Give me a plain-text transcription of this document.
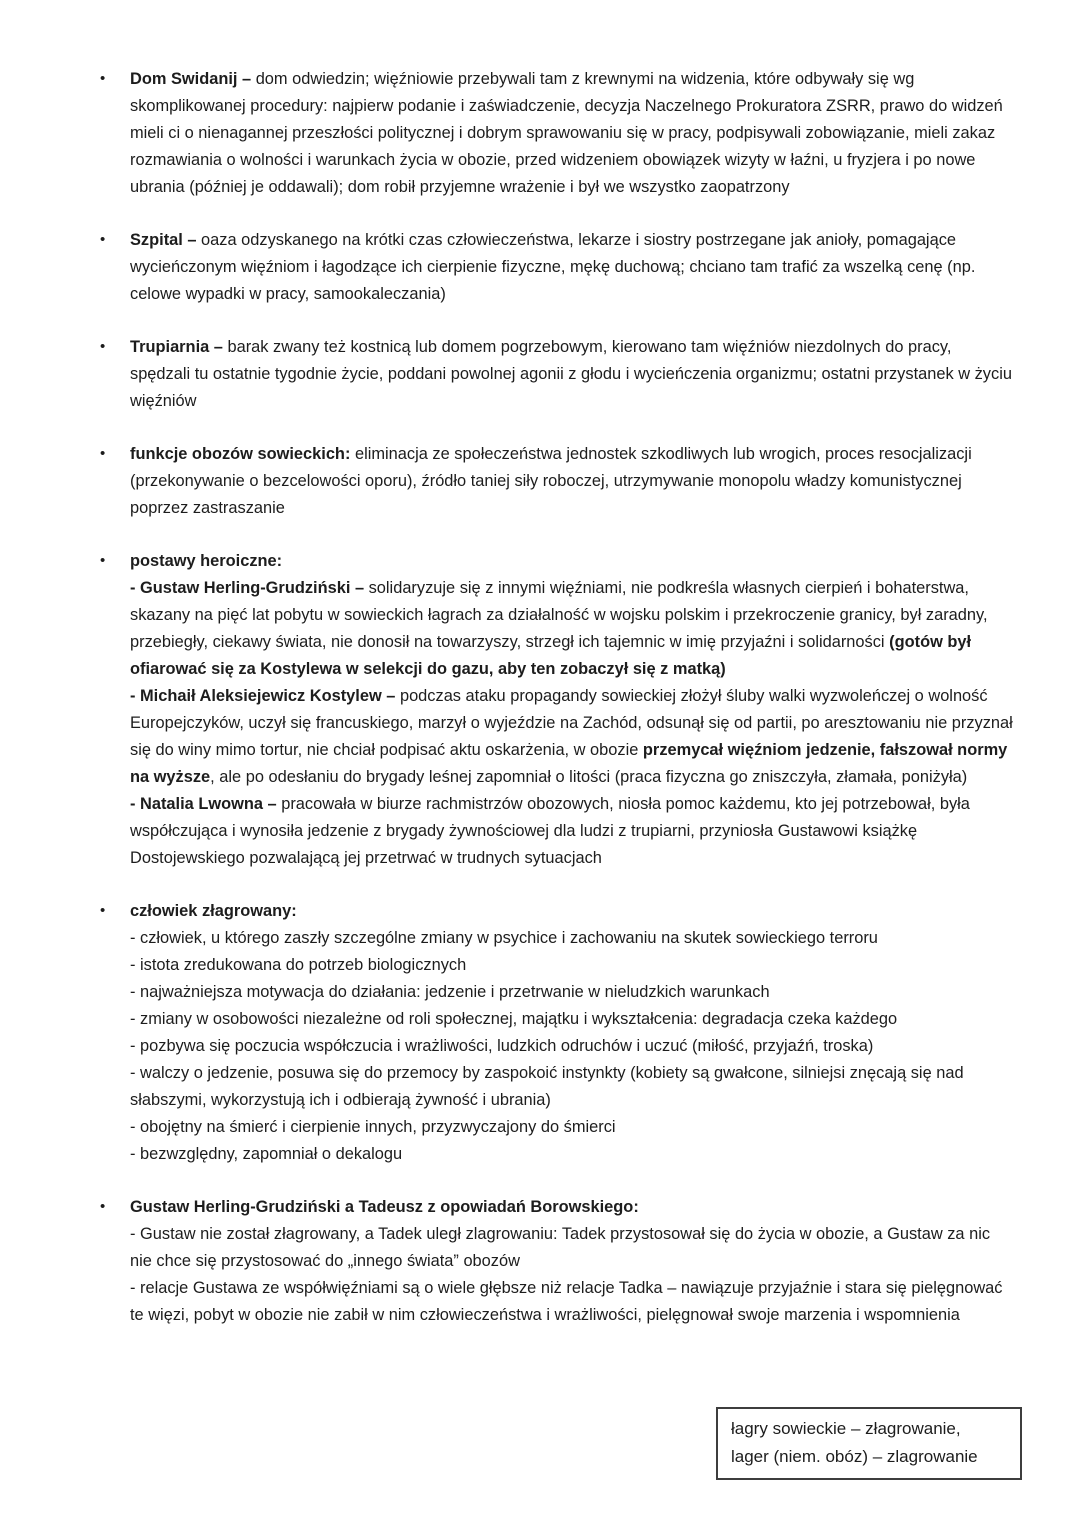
• Dom Swidanij – dom odwiedzin; więźniowie przebywali tam z krewnymi na widzenia, które odbywały się wg skomplikowanej procedury: najpierw podanie i zaświadczenie, decyzja Naczelnego Prokuratora ZSRR, prawo do widzeń mieli ci o nienagannej przeszłości politycznej i dobrym sprawowaniu się w pracy, podpisywali zobowiązanie, mieli zakaz rozmawiania o wolności i warunkach życia w obozie, przed widzeniem obowiązek wizyty w łaźni, u fryzjera i po nowe ubrania (później je oddawali); dom robił przyjemne wrażenie i był we wszystko zaopatrzony

• Szpital – oaza odzyskanego na krótki czas człowieczeństwa, lekarze i siostry postrzegane jak anioły, pomagające wycieńczonym więźniom i łagodzące ich cierpienie fizyczne, mękę duchową; chciano tam trafić za wszelką cenę (np. celowe wypadki w pracy, samookaleczania)

• Trupiarnia – barak zwany też kostnicą lub domem pogrzebowym, kierowano tam więźniów niezdolnych do pracy, spędzali tu ostatnie tygodnie życie, poddani powolnej agonii z głodu i wycieńczenia organizmu; ostatni przystanek w życiu więźniów

• funkcje obozów sowieckich: eliminacja ze społeczeństwa jednostek szkodliwych lub wrogich, proces resocjalizacji (przekonywanie o bezcelowości oporu), źródło taniej siły roboczej, utrzymywanie monopolu władzy komunistycznej poprzez zastraszanie

• postawy heroiczne:

- Gustaw Herling-Grudziński – solidaryzuje się z innymi więźniami, nie podkreśla własnych cierpień i bohaterstwa, skazany na pięć lat pobytu w sowieckich łagrach za działalność w wojsku polskim i przekroczenie granicy, był zaradny, przebiegły, ciekawy świata, nie donosił na towarzyszy, strzegł ich tajemnic w imię przyjaźni i solidarności (gotów był ofiarować się za Kostylewa w selekcji do gazu, aby ten zobaczył się z matką)

- Michaił Aleksiejewicz Kostylew – podczas ataku propagandy sowieckiej złożył śluby walki wyzwoleńczej o wolność Europejczyków, uczył się francuskiego, marzył o wyjeździe na Zachód, odsunął się od partii, po aresztowaniu nie przyznał się do winy mimo tortur, nie chciał podpisać aktu oskarżenia, w obozie przemycał więźniom jedzenie, fałszował normy na wyższe, ale po odesłaniu do brygady leśnej zapomniał o litości (praca fizyczna go zniszczyła, złamała, poniżyła)

- Natalia Lwowna – pracowała w biurze rachmistrzów obozowych, niosła pomoc każdemu, kto jej potrzebował, była współczująca i wynosiła jedzenie z brygady żywnościowej dla ludzi z trupiarni, przyniosła Gustawowi książkę Dostojewskiego pozwalającą jej przetrwać w trudnych sytuacjach

• człowiek złagrowany:

- człowiek, u którego zaszły szczególne zmiany w psychice i zachowaniu na skutek sowieckiego terroru

- istota zredukowana do potrzeb biologicznych

- najważniejsza motywacja do działania: jedzenie i przetrwanie w nieludzkich warunkach

- zmiany w osobowości niezależne od roli społecznej, majątku i wykształcenia: degradacja czeka każdego

- pozbywa się poczucia współczucia i wrażliwości, ludzkich odruchów i uczuć (miłość, przyjaźń, troska)

- walczy o jedzenie, posuwa się do przemocy by zaspokoić instynkty (kobiety są gwałcone, silniejsi znęcają się nad słabszymi, wykorzystują ich i odbierają żywność i ubrania)

- obojętny na śmierć i cierpienie innych, przyzwyczajony do śmierci

- bezwzględny, zapomniał o dekalogu

• Gustaw Herling-Grudziński a Tadeusz z opowiadań Borowskiego:

- Gustaw nie został złagrowany, a Tadek uległ zlagrowaniu: Tadek przystosował się do życia w obozie, a Gustaw za nic nie chce się przystosować do „innego świata” obozów

- relacje Gustawa ze współwięźniami są o wiele głębsze niż relacje Tadka – nawiązuje przyjaźnie i stara się pielęgnować te więzi, pobyt w obozie nie zabił w nim człowieczeństwa i wrażliwości, pielęgnował swoje marzenia i wspomnienia

łagry sowieckie – złagrowanie,
lager (niem. obóz) – zlagrowanie
